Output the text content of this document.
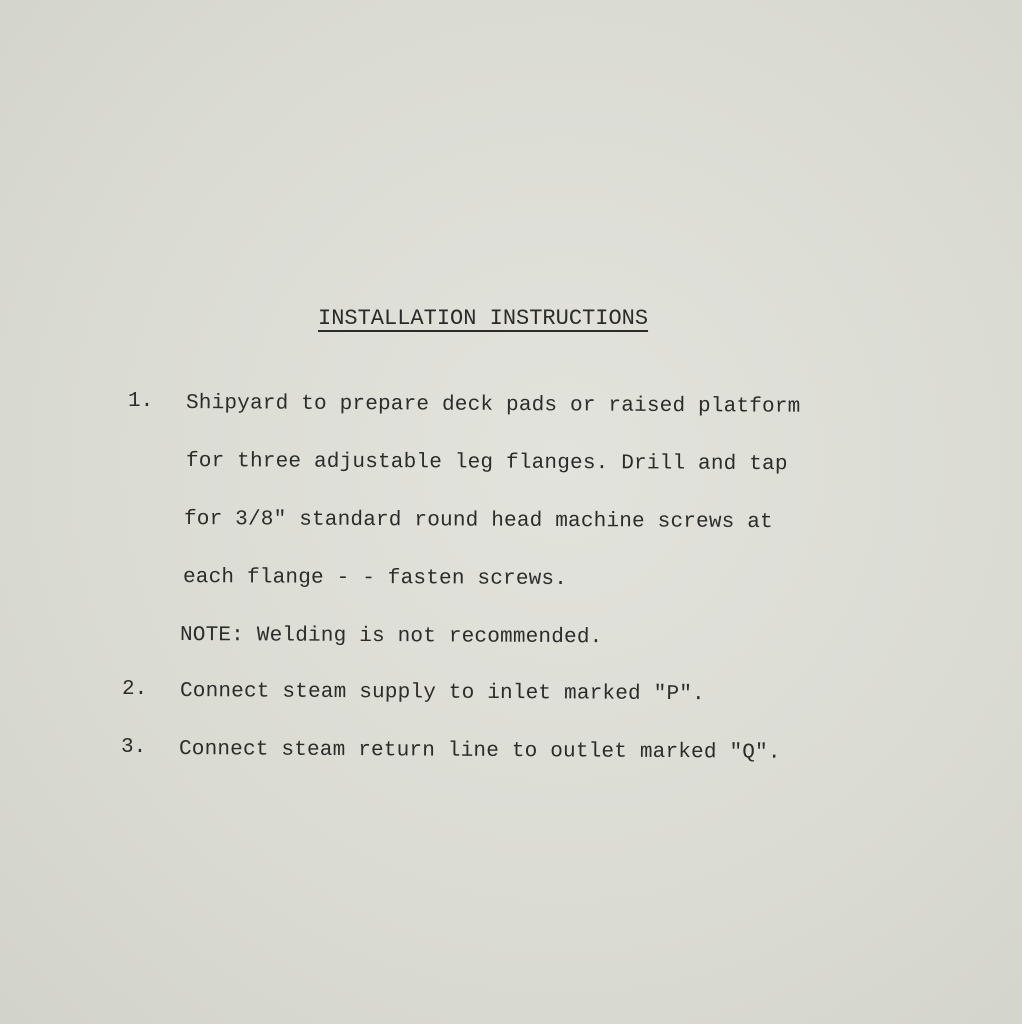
INSTALLATION INSTRUCTIONS
1. Shipyard to prepare deck pads or raised platform
for three adjustable leg flanges. Drill and tap
for 3/8" standard round head machine screws at
each flange - - fasten screws.
NOTE: Welding is not recommended.
2. Connect steam supply to inlet marked "P".
3. Connect steam return line to outlet marked "Q".
